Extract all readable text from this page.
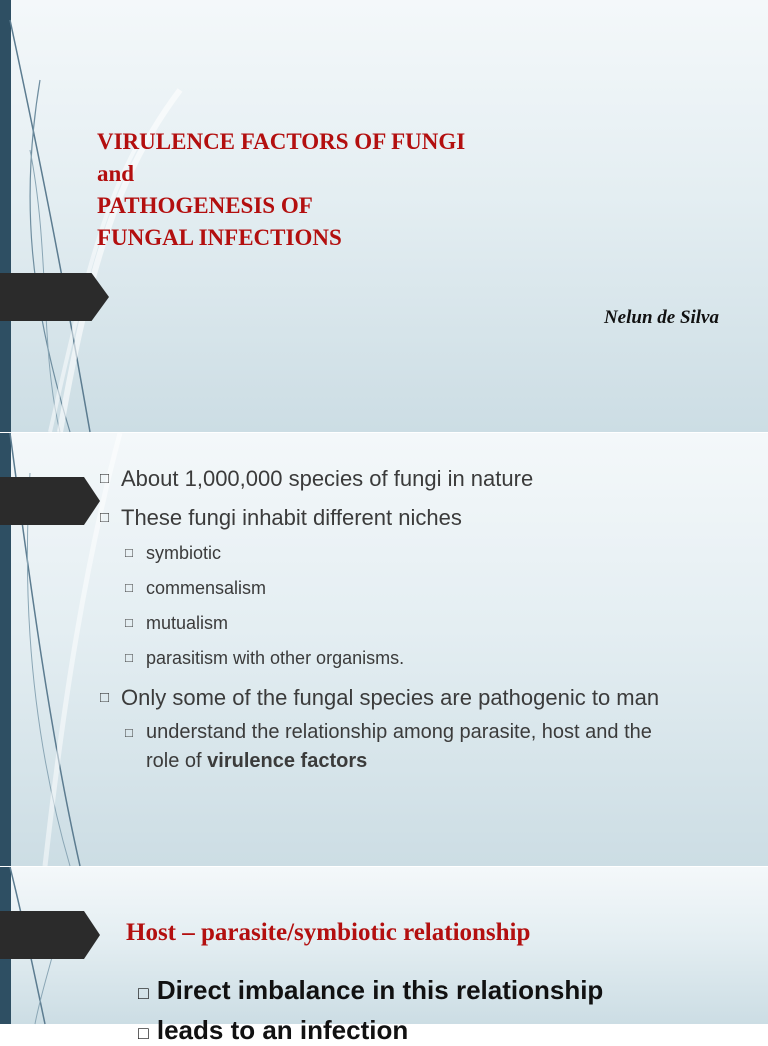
VIRULENCE FACTORS OF FUNGI
and
PATHOGENESIS OF
FUNGAL INFECTIONS
Nelun de Silva
□ About 1,000,000 species of fungi in nature
□ These fungi inhabit different niches
□ symbiotic
□ commensalism
□ mutualism
□ parasitism with other organisms.
□ Only some of the fungal species are pathogenic to man
□ understand the relationship among parasite, host and the role of virulence factors
Host – parasite/symbiotic relationship
□ Direct imbalance in this relationship
□ leads to an infection
